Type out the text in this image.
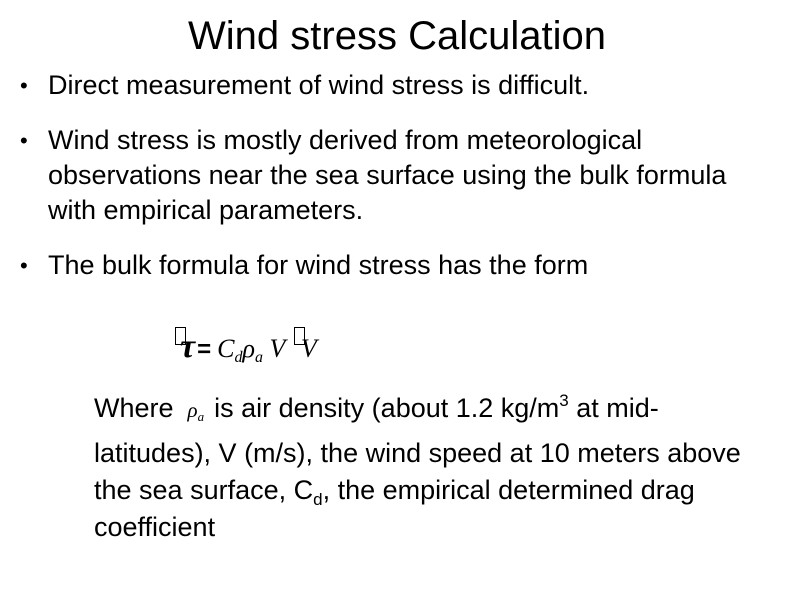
Wind stress Calculation
• Direct measurement of wind stress is difficult.
• Wind stress is mostly derived from meteorological observations near the sea surface using the bulk formula with empirical parameters.
• The bulk formula for wind stress has the form
$\tau= C_d\rho_a$ V V
Where $\rho_a$ is air density (about 1.2 $kg/m^3$ at mid-latitudes), V (m/s), the wind speed at 10 meters above the sea surface, $C_d$, the empirical determined drag coefficient
